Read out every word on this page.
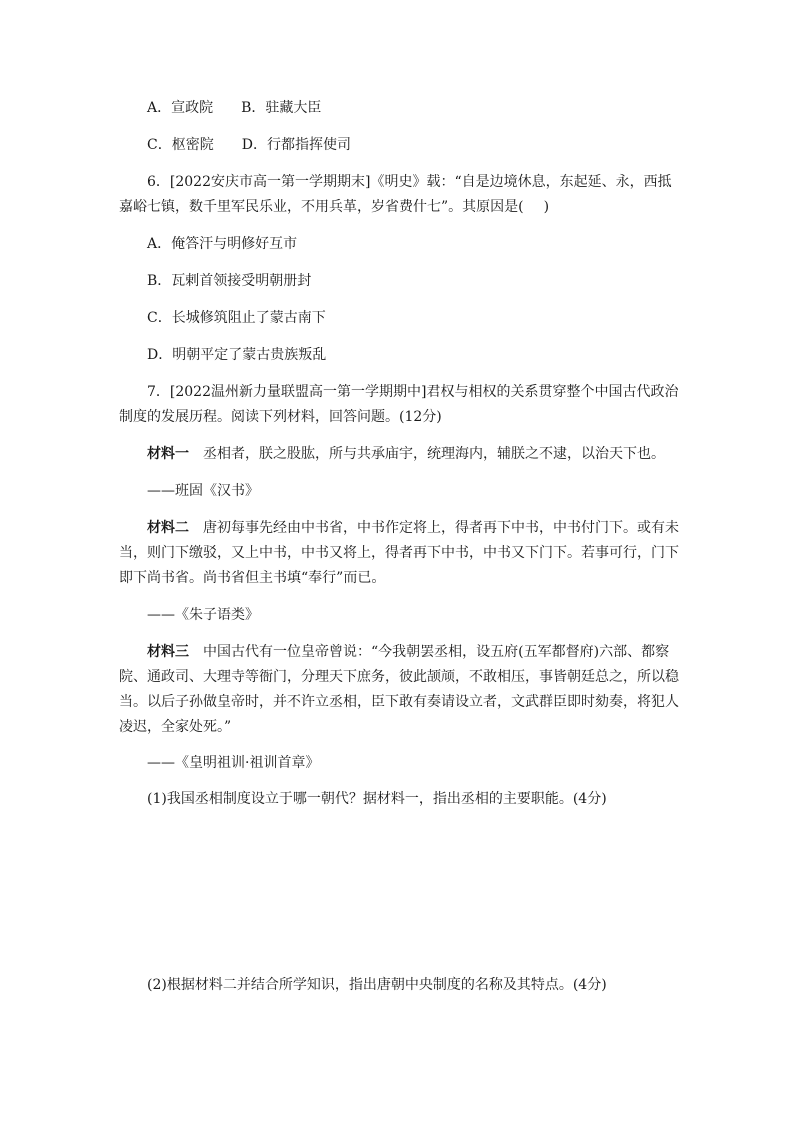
A．宣政院 B．驻藏大臣
C．枢密院 D．行都指挥使司
6．[2022安庆市高一第一学期期末]《明史》载：“自是边境休息，东起延、永，西抵
嘉峪七镇，数千里军民乐业，不用兵革，岁省费什七”。其原因是( )
A．俺答汗与明修好互市
B．瓦剌首领接受明朝册封
C．长城修筑阻止了蒙古南下
D．明朝平定了蒙古贵族叛乱
7．[2022温州新力量联盟高一第一学期期中]君权与相权的关系贯穿整个中国古代政治
制度的发展历程。阅读下列材料，回答问题。(12分)
材料一 丞相者，朕之股肱，所与共承庙宇，统理海内，辅朕之不逮，以治天下也。
——班固《汉书》
材料二 唐初每事先经由中书省，中书作定将上，得者再下中书，中书付门下。或有未
当，则门下缴驳，又上中书，中书又将上，得者再下中书，中书又下门下。若事可行，门下
即下尚书省。尚书省但主书填“奉行”而已。
——《朱子语类》
材料三 中国古代有一位皇帝曾说：“今我朝罢丞相，设五府(五军都督府)六部、都察
院、通政司、大理寺等衙门，分理天下庶务，彼此颉颃，不敢相压，事皆朝廷总之，所以稳
当。以后子孙做皇帝时，并不许立丞相，臣下敢有奏请设立者，文武群臣即时劾奏，将犯人
凌迟，全家处死。”
——《皇明祖训·祖训首章》
(1)我国丞相制度设立于哪一朝代？据材料一，指出丞相的主要职能。(4分)
(2)根据材料二并结合所学知识，指出唐朝中央制度的名称及其特点。(4分)
